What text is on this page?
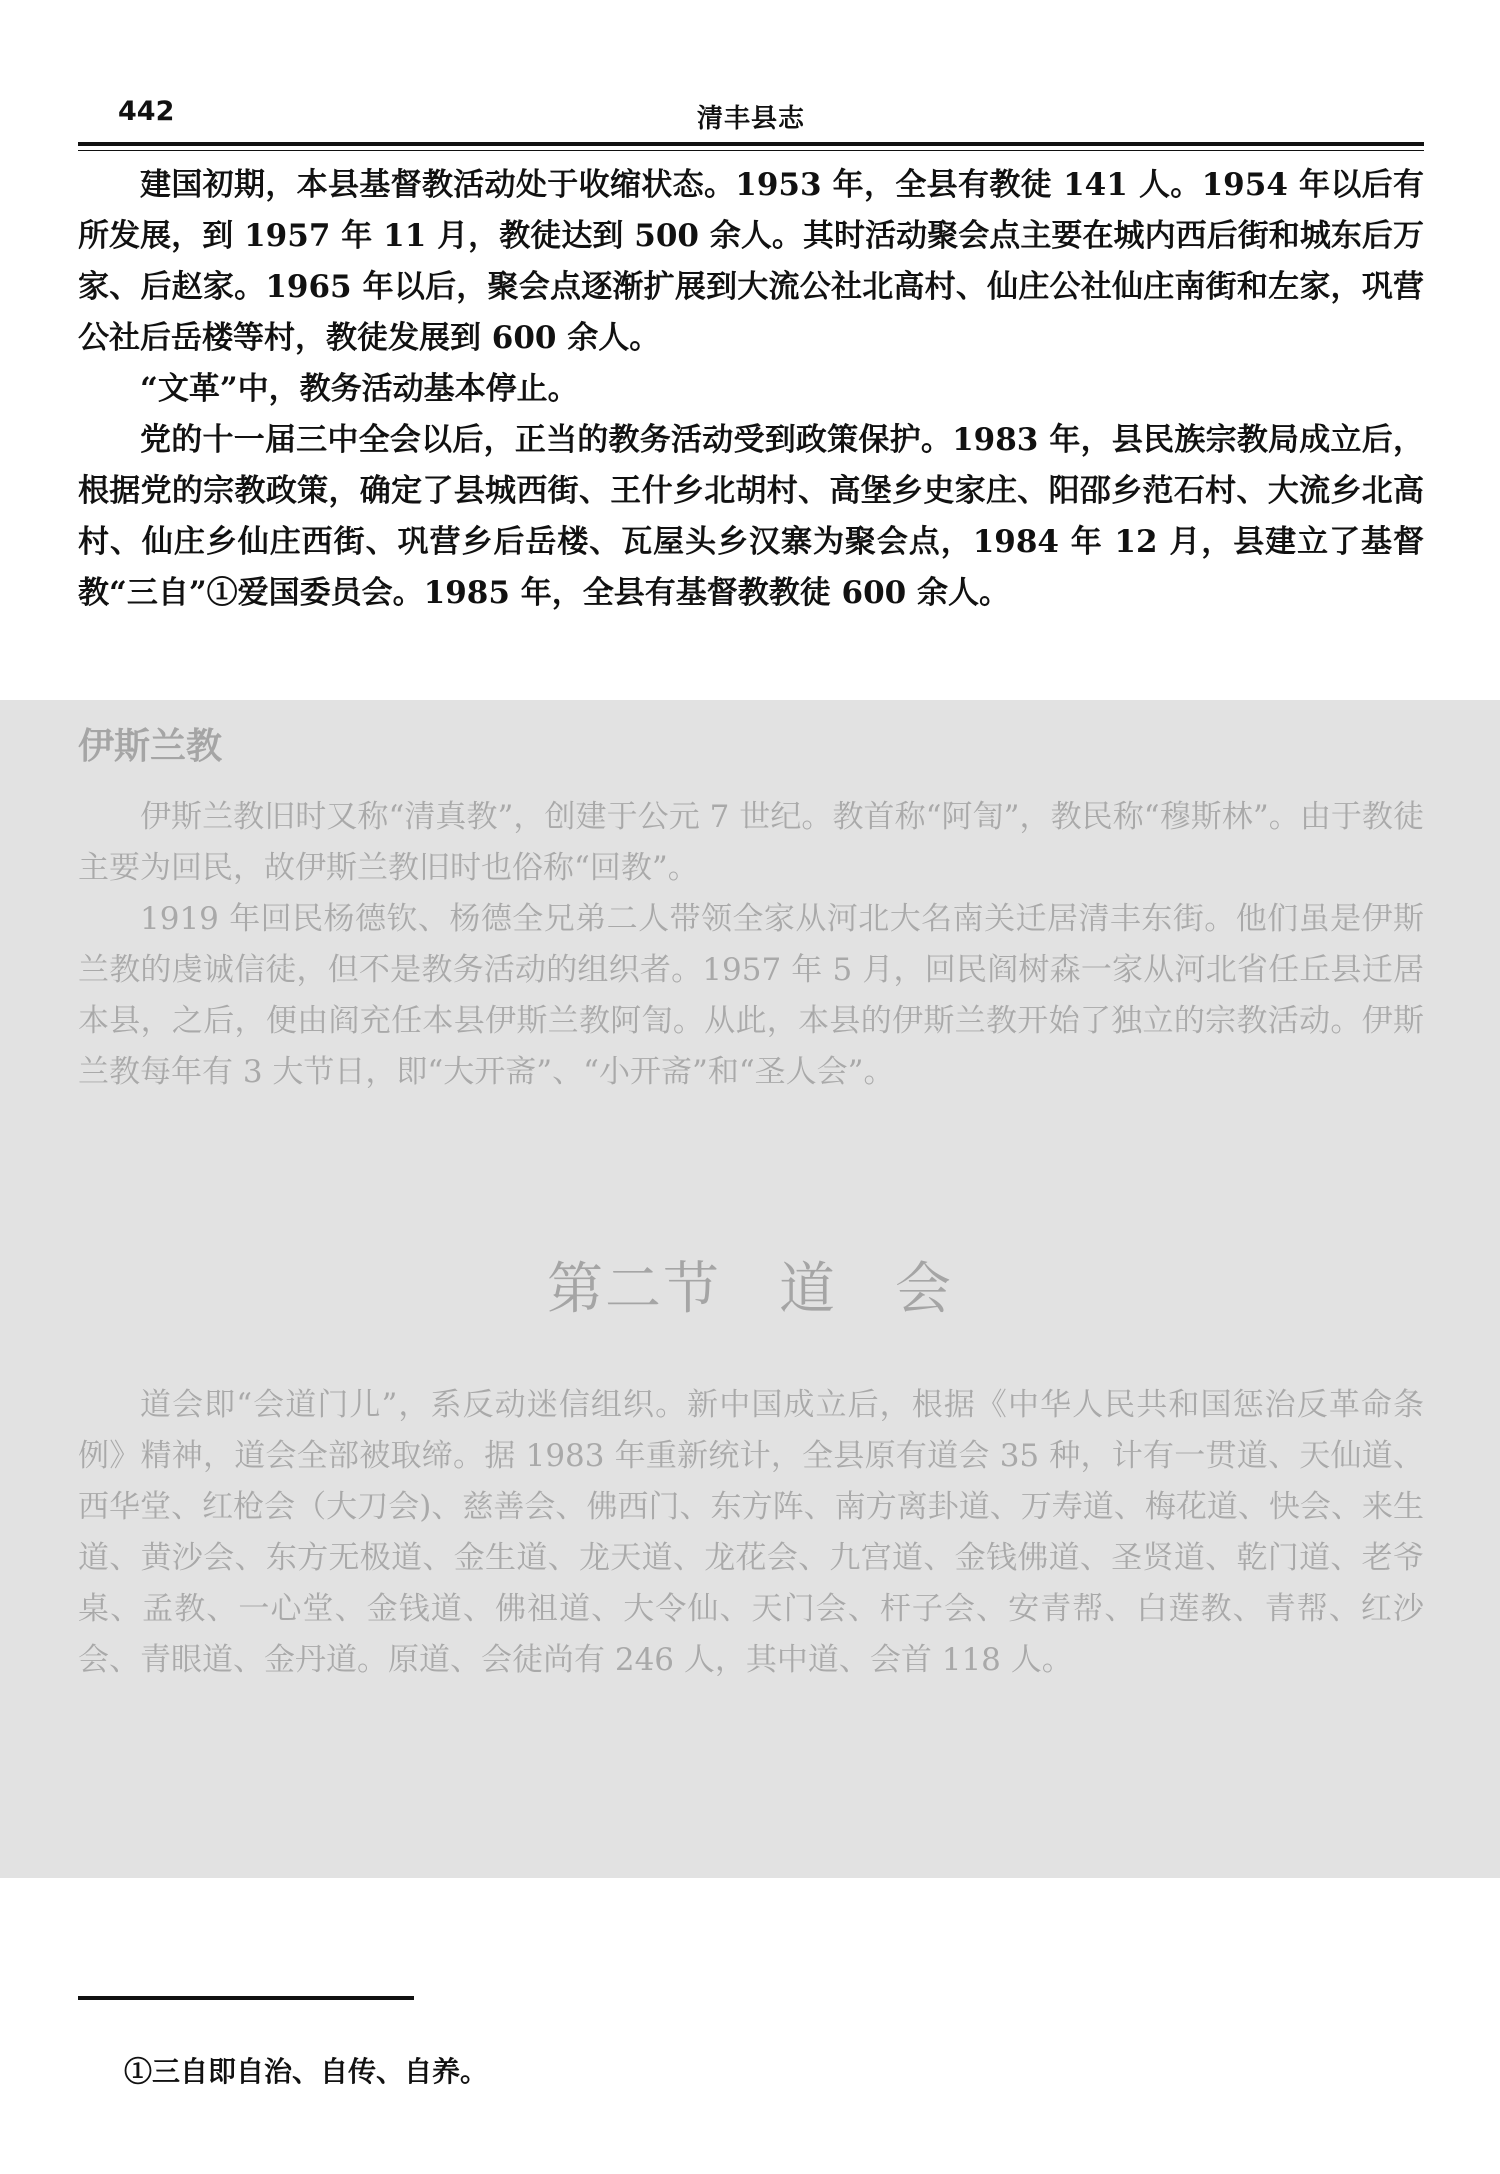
442	清丰县志

建国初期，本县基督教活动处于收缩状态。1953 年，全县有教徒 141 人。1954 年以后有所发展，到 1957 年 11 月，教徒达到 500 余人。其时活动聚会点主要在城内西后街和城东后万家、后赵家。1965 年以后，聚会点逐渐扩展到大流公社北高村、仙庄公社仙庄南街和左家，巩营公社后岳楼等村，教徒发展到 600 余人。

“文革”中，教务活动基本停止。

党的十一届三中全会以后，正当的教务活动受到政策保护。1983 年，县民族宗教局成立后，根据党的宗教政策，确定了县城西街、王什乡北胡村、高堡乡史家庄、阳邵乡范石村、大流乡北高村、仙庄乡仙庄西街、巩营乡后岳楼、瓦屋头乡汉寨为聚会点，1984 年 12 月，县建立了基督教“三自”①爱国委员会。1985 年，全县有基督教教徒 600 余人。

伊斯兰教

伊斯兰教旧时又称“清真教”，创建于公元 7 世纪。教首称“阿訇”，教民称“穆斯林”。由于教徒主要为回民，故伊斯兰教旧时也俗称“回教”。

1919 年回民杨德钦、杨德全兄弟二人带领全家从河北大名南关迁居清丰东街。他们虽是伊斯兰教的虔诚信徒，但不是教务活动的组织者。1957 年 5 月，回民阎树森一家从河北省任丘县迁居本县，之后，便由阎充任本县伊斯兰教阿訇。从此，本县的伊斯兰教开始了独立的宗教活动。伊斯兰教每年有 3 大节日，即“大开斋”、“小开斋”和“圣人会”。

第二节　道　会

道会即“会道门儿”，系反动迷信组织。新中国成立后，根据《中华人民共和国惩治反革命条例》精神，道会全部被取缔。据 1983 年重新统计，全县原有道会 35 种，计有一贯道、天仙道、西华堂、红枪会（大刀会)、慈善会、佛西门、东方阵、南方离卦道、万寿道、梅花道、快会、来生道、黄沙会、东方无极道、金生道、龙天道、龙花会、九宫道、金钱佛道、圣贤道、乾门道、老爷桌、孟教、一心堂、金钱道、佛祖道、大令仙、天门会、杆子会、安青帮、白莲教、青帮、红沙会、青眼道、金丹道。原道、会徒尚有 246 人，其中道、会首 118 人。

①三自即自治、自传、自养。
